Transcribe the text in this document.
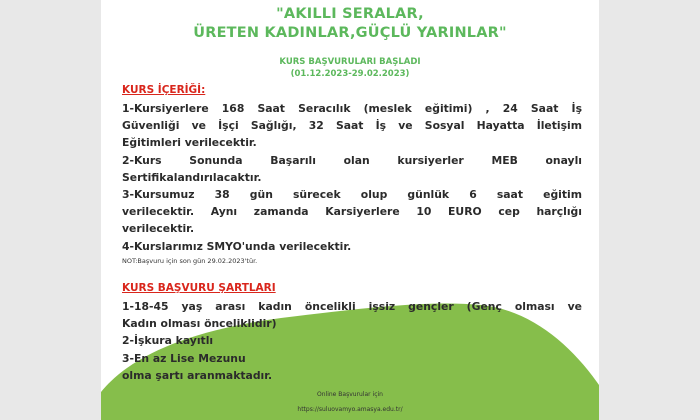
"AKILLI SERALAR,
ÜRETEN KADINLAR,GÜÇLÜ YARINLAR"
KURS BAŞVURULARI BAŞLADI
(01.12.2023-29.02.2023)
KURS İÇERİĞİ:
1-Kursiyerlere 168 Saat Seracılık (meslek eğitimi) , 24 Saat İş
Güvenliği ve İşçi Sağlığı, 32 Saat İş ve Sosyal Hayatta İletişim
Eğitimleri verilecektir.
2-Kurs Sonunda Başarılı olan kursiyerler MEB onaylı
Sertifikalandırılacaktır.
3-Kursumuz 38 gün sürecek olup günlük 6 saat eğitim
verilecektir. Aynı zamanda Karsiyerlere 10 EURO cep harçlığı
verilecektir.
4-Kurslarımız SMYO'unda verilecektir.
NOT:Başvuru için son gün 29.02.2023'tür.
KURS BAŞVURU ŞARTLARI
1-18-45 yaş arası kadın öncelikli işsiz gençler (Genç olması ve
Kadın olması önceliklidir)
2-İşkura kayıtlı
3-En az Lise Mezunu
olma şartı aranmaktadır.
Online Başvurular için
https://suluovamyo.amasya.edu.tr/
